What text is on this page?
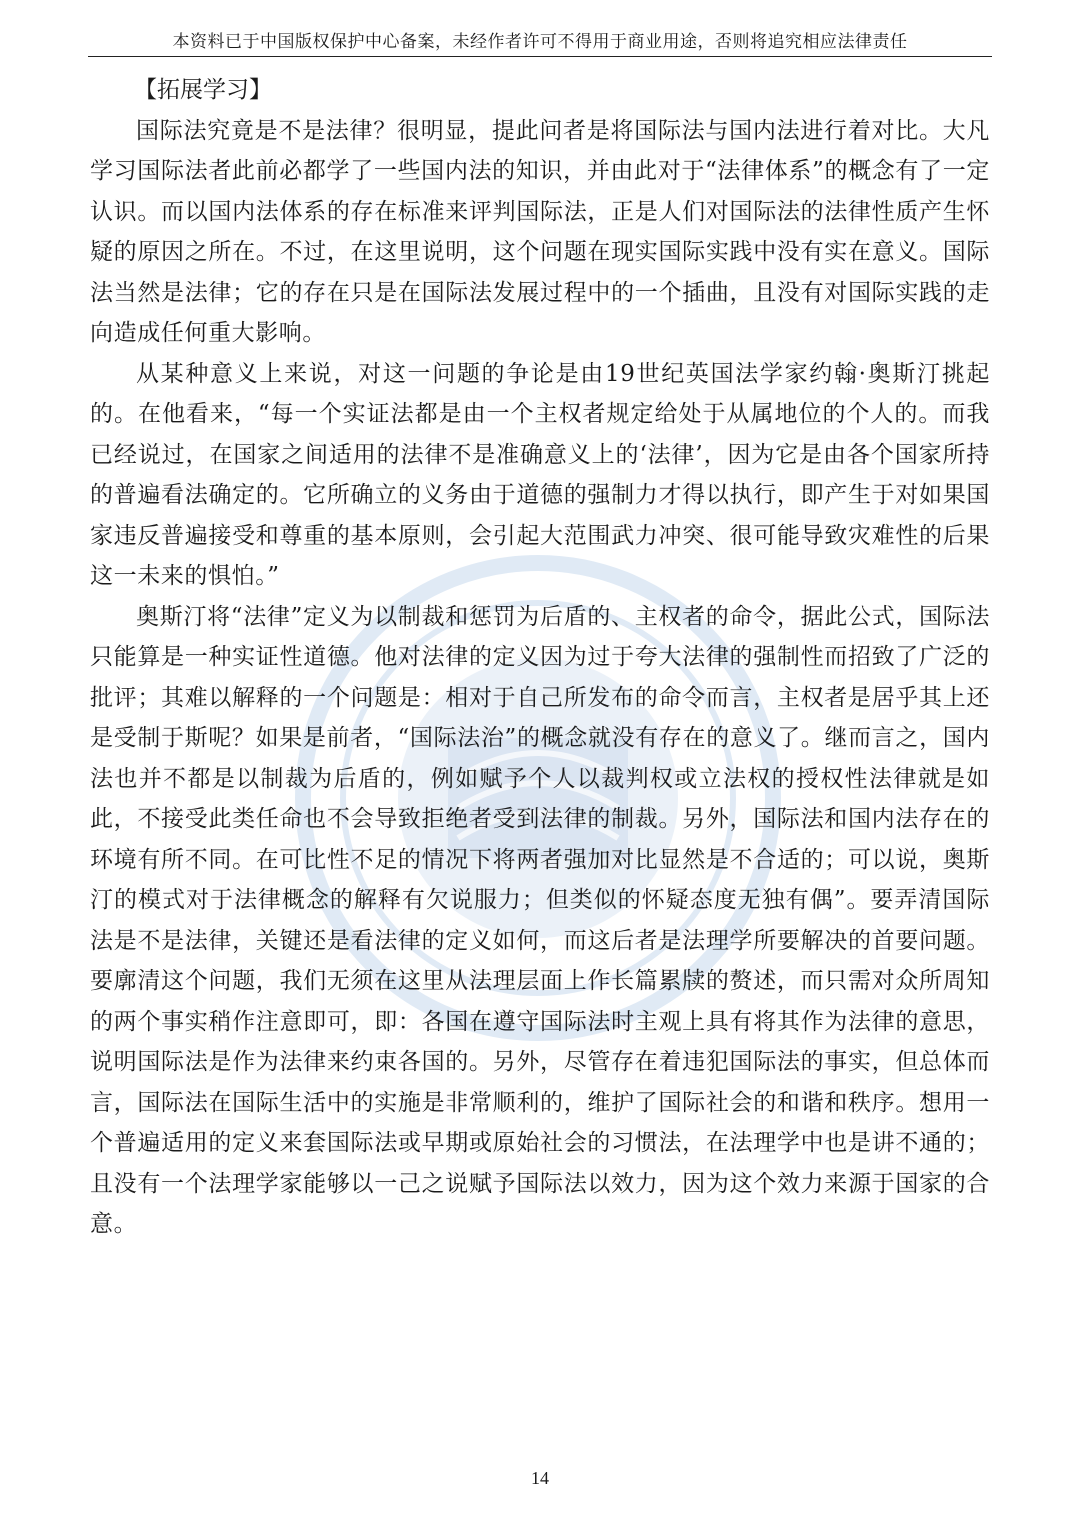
本资料已于中国版权保护中心备案，未经作者许可不得用于商业用途，否则将追究相应法律责任
【拓展学习】

国际法究竟是不是法律？很明显，提此问者是将国际法与国内法进行着对比。大凡学习国际法者此前必都学了一些国内法的知识，并由此对于“法律体系”的概念有了一定认识。而以国内法体系的存在标准来评判国际法，正是人们对国际法的法律性质产生怀疑的原因之所在。不过，在这里说明，这个问题在现实国际实践中没有实在意义。国际法当然是法律；它的存在只是在国际法发展过程中的一个插曲，且没有对国际实践的走向造成任何重大影响。

从某种意义上来说，对这一问题的争论是由19世纪英国法学家约翰·奥斯汀挑起的。在他看来，“每一个实证法都是由一个主权者规定给处于从属地位的个人的。而我已经说过，在国家之间适用的法律不是准确意义上的‘法律’，因为它是由各个国家所持的普遍看法确定的。它所确立的义务由于道德的强制力才得以执行，即产生于对如果国家违反普遍接受和尊重的基本原则，会引起大范围武力冲突、很可能导致灾难性的后果这一未来的惧怕。”

奥斯汀将“法律”定义为以制裁和惩罚为后盾的、主权者的命令，据此公式，国际法只能算是一种实证性道德。他对法律的定义因为过于夸大法律的强制性而招致了广泛的批评；其难以解释的一个问题是：相对于自己所发布的命令而言，主权者是居乎其上还是受制于斯呢？如果是前者，“国际法治”的概念就没有存在的意义了。继而言之，国内法也并不都是以制裁为后盾的，例如赋予个人以裁判权或立法权的授权性法律就是如此，不接受此类任命也不会导致拒绝者受到法律的制裁。另外，国际法和国内法存在的环境有所不同。在可比性不足的情况下将两者强加对比显然是不合适的；可以说，奥斯汀的模式对于法律概念的解释有欠说服力；但类似的怀疑态度无独有偶”。要弄清国际法是不是法律，关键还是看法律的定义如何，而这后者是法理学所要解决的首要问题。要廓清这个问题，我们无须在这里从法理层面上作长篇累牍的赘述，而只需对众所周知的两个事实稍作注意即可，即：各国在遵守国际法时主观上具有将其作为法律的意思，说明国际法是作为法律来约束各国的。另外，尽管存在着违犯国际法的事实，但总体而言，国际法在国际生活中的实施是非常顺利的，维护了国际社会的和谐和秩序。想用一个普遍适用的定义来套国际法或早期或原始社会的习惯法，在法理学中也是讲不通的；且没有一个法理学家能够以一己之说赋予国际法以效力，因为这个效力来源于国家的合意。

14
